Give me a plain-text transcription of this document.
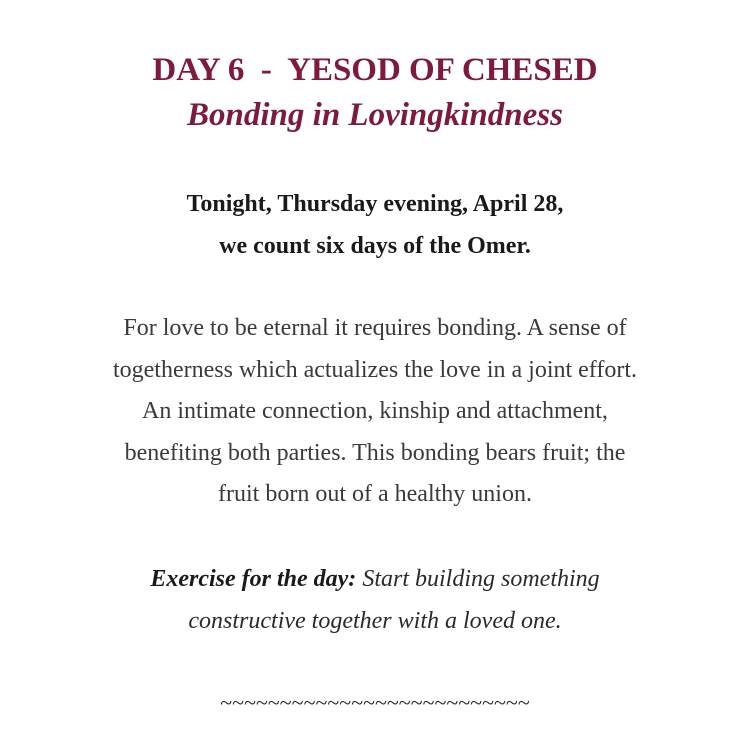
DAY 6  -  YESOD OF CHESED
Bonding in Lovingkindness
Tonight, Thursday evening, April 28,
we count six days of the Omer.
For love to be eternal it requires bonding. A sense of
togetherness which actualizes the love in a joint effort.
An intimate connection, kinship and attachment,
benefiting both parties. This bonding bears fruit; the
fruit born out of a healthy union.
Exercise for the day: Start building something
constructive together with a loved one.
~~~~~~~~~~~~~~~~~~~~~~~~~~
